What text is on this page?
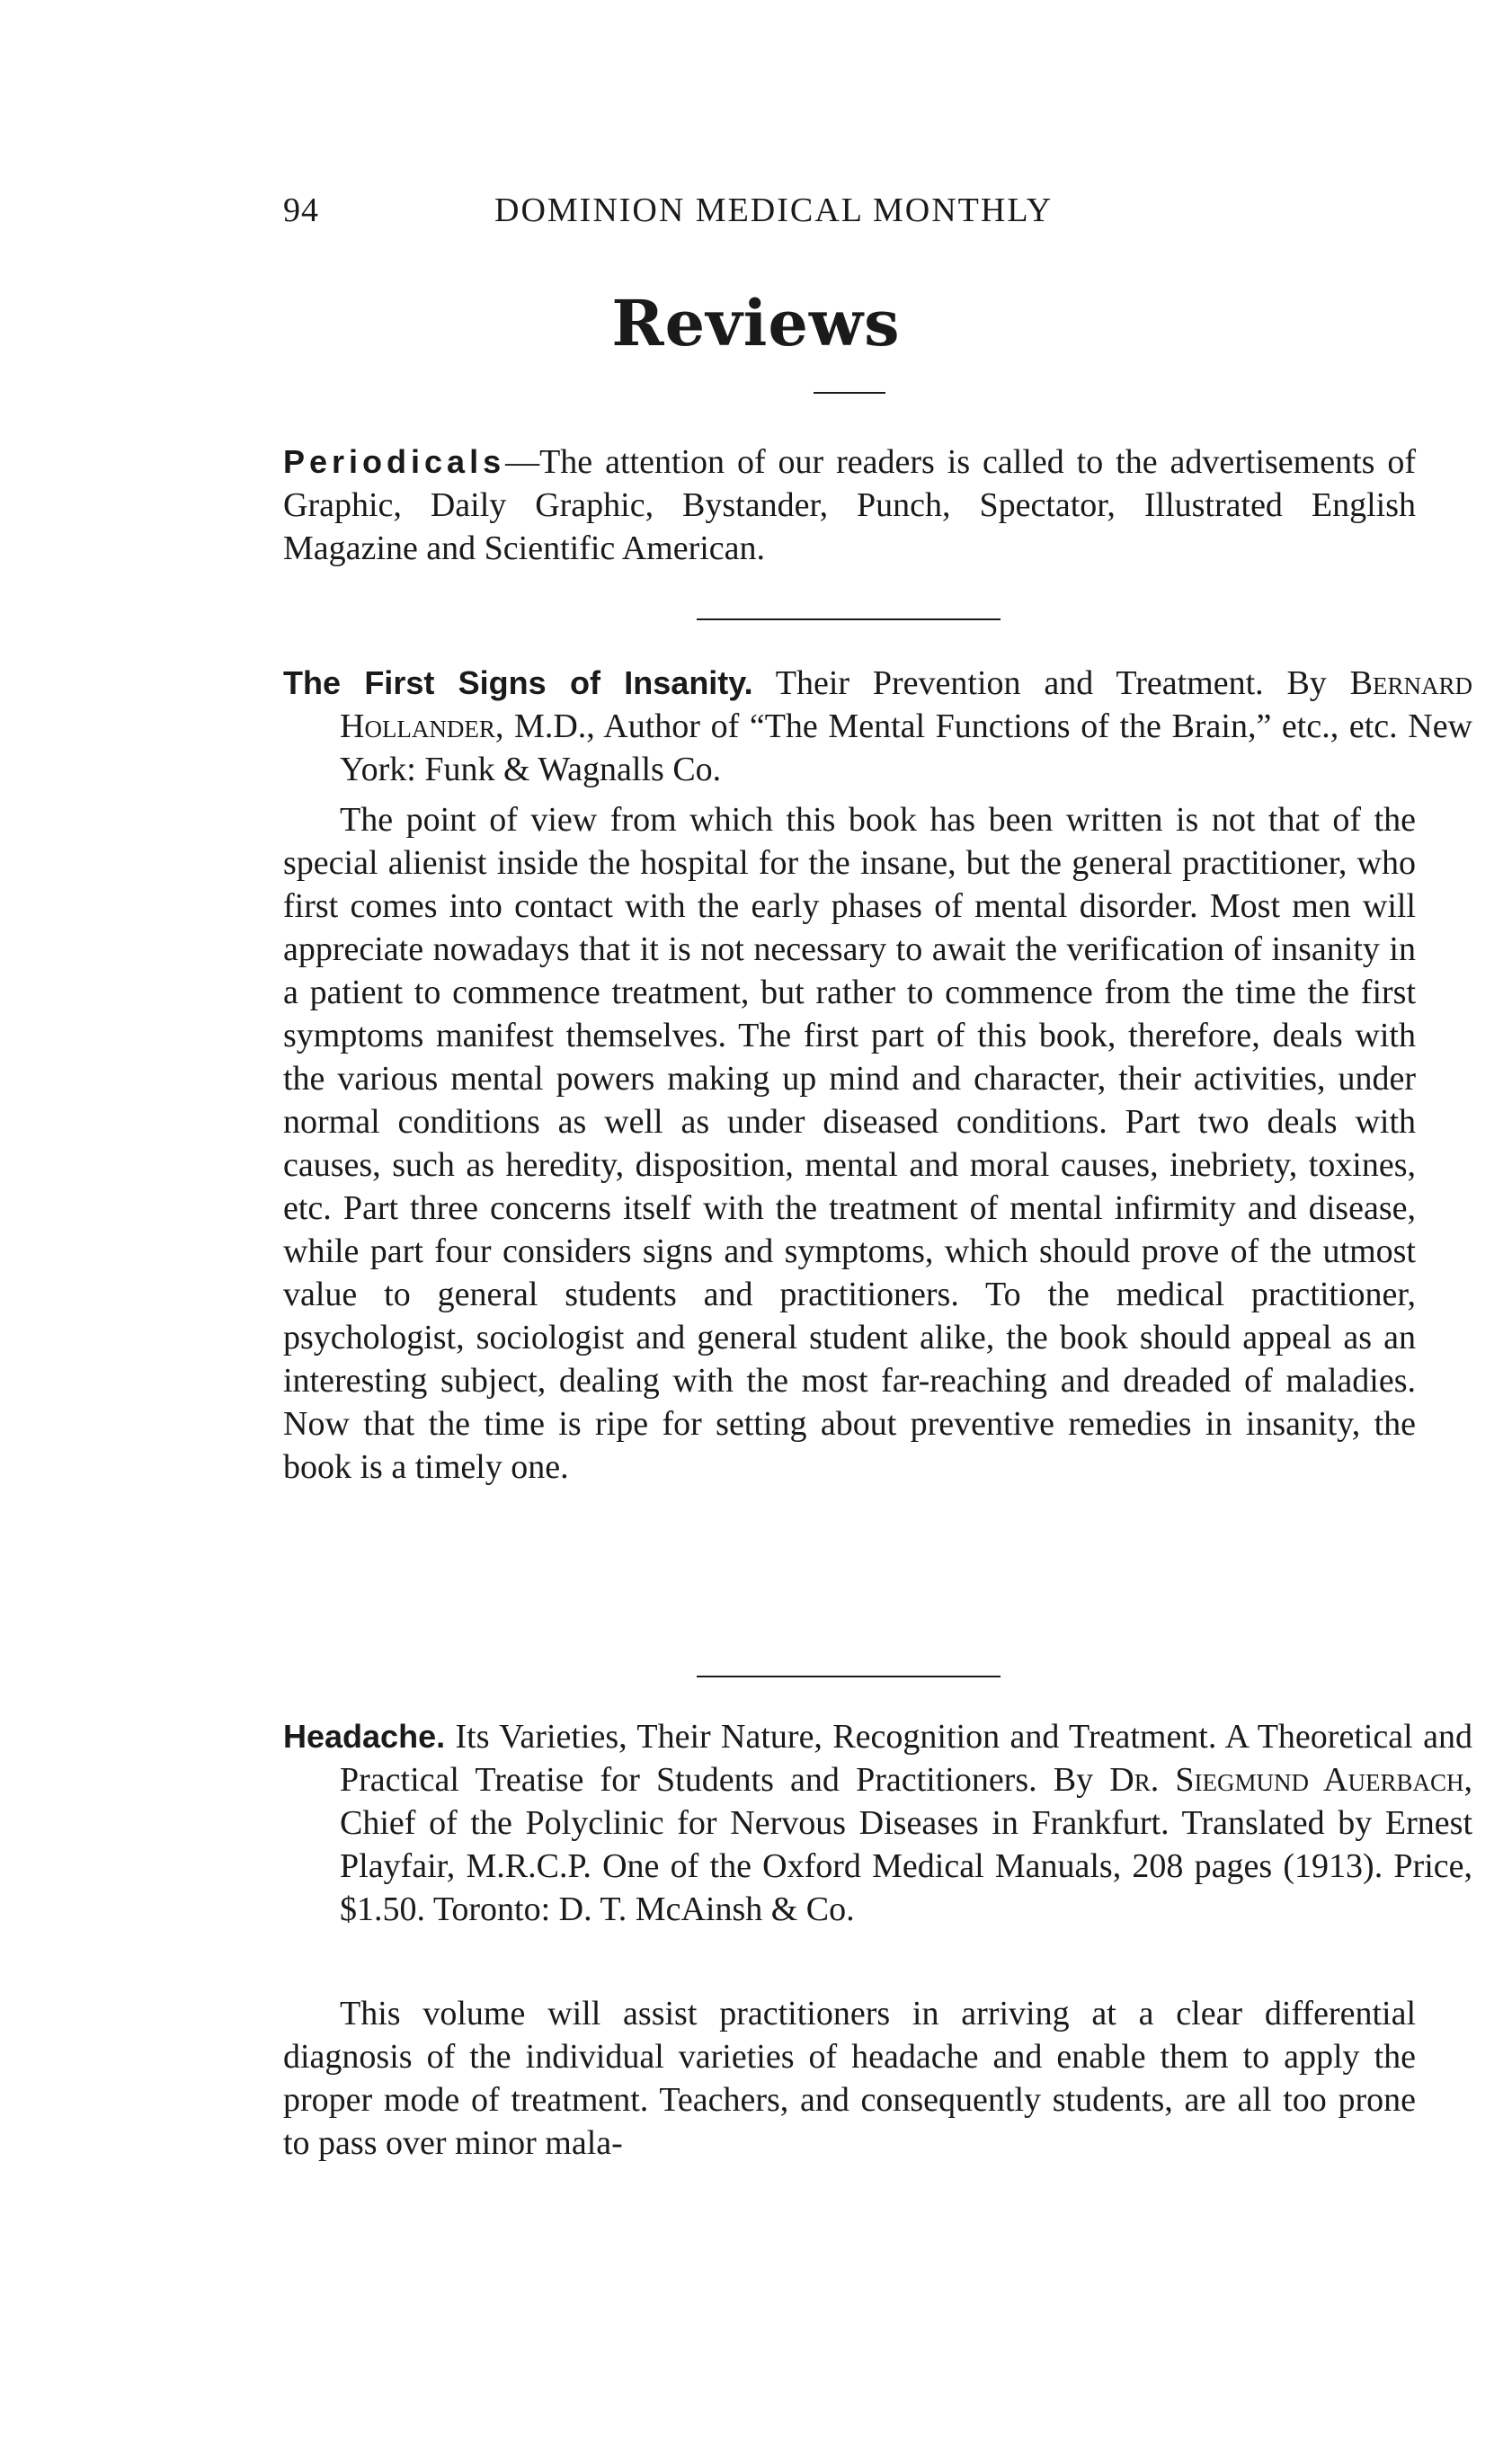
94	DOMINION MEDICAL MONTHLY
Reviews

Periodicals—The attention of our readers is called to the advertisements of Graphic, Daily Graphic, Bystander, Punch, Spectator, Illustrated English Magazine and Scientific American.

The First Signs of Insanity. Their Prevention and Treatment. By Bernard Hollander, M.D., Author of “The Mental Functions of the Brain,” etc., etc. New York: Funk & Wagnalls Co.

The point of view from which this book has been written is not that of the special alienist inside the hospital for the insane, but the general practitioner, who first comes into contact with the early phases of mental disorder. Most men will appreciate nowadays that it is not necessary to await the verification of insanity in a patient to commence treatment, but rather to commence from the time the first symptoms manifest themselves. The first part of this book, therefore, deals with the various mental powers making up mind and character, their activities, under normal conditions as well as under diseased conditions. Part two deals with causes, such as heredity, disposition, mental and moral causes, inebriety, toxines, etc. Part three concerns itself with the treatment of mental infirmity and disease, while part four considers signs and symptoms, which should prove of the utmost value to general students and practitioners. To the medical practitioner, psychologist, sociologist and general student alike, the book should appeal as an interesting subject, dealing with the most far-reaching and dreaded of maladies. Now that the time is ripe for setting about preventive remedies in insanity, the book is a timely one.

Headache. Its Varieties, Their Nature, Recognition and Treatment. A Theoretical and Practical Treatise for Students and Practitioners. By Dr. Siegmund Auerbach, Chief of the Polyclinic for Nervous Diseases in Frankfurt. Translated by Ernest Playfair, M.R.C.P. One of the Oxford Medical Manuals, 208 pages (1913). Price, $1.50. Toronto: D. T. McAinsh & Co.

This volume will assist practitioners in arriving at a clear differential diagnosis of the individual varieties of headache and enable them to apply the proper mode of treatment. Teachers, and consequently students, are all too prone to pass over minor mala-
